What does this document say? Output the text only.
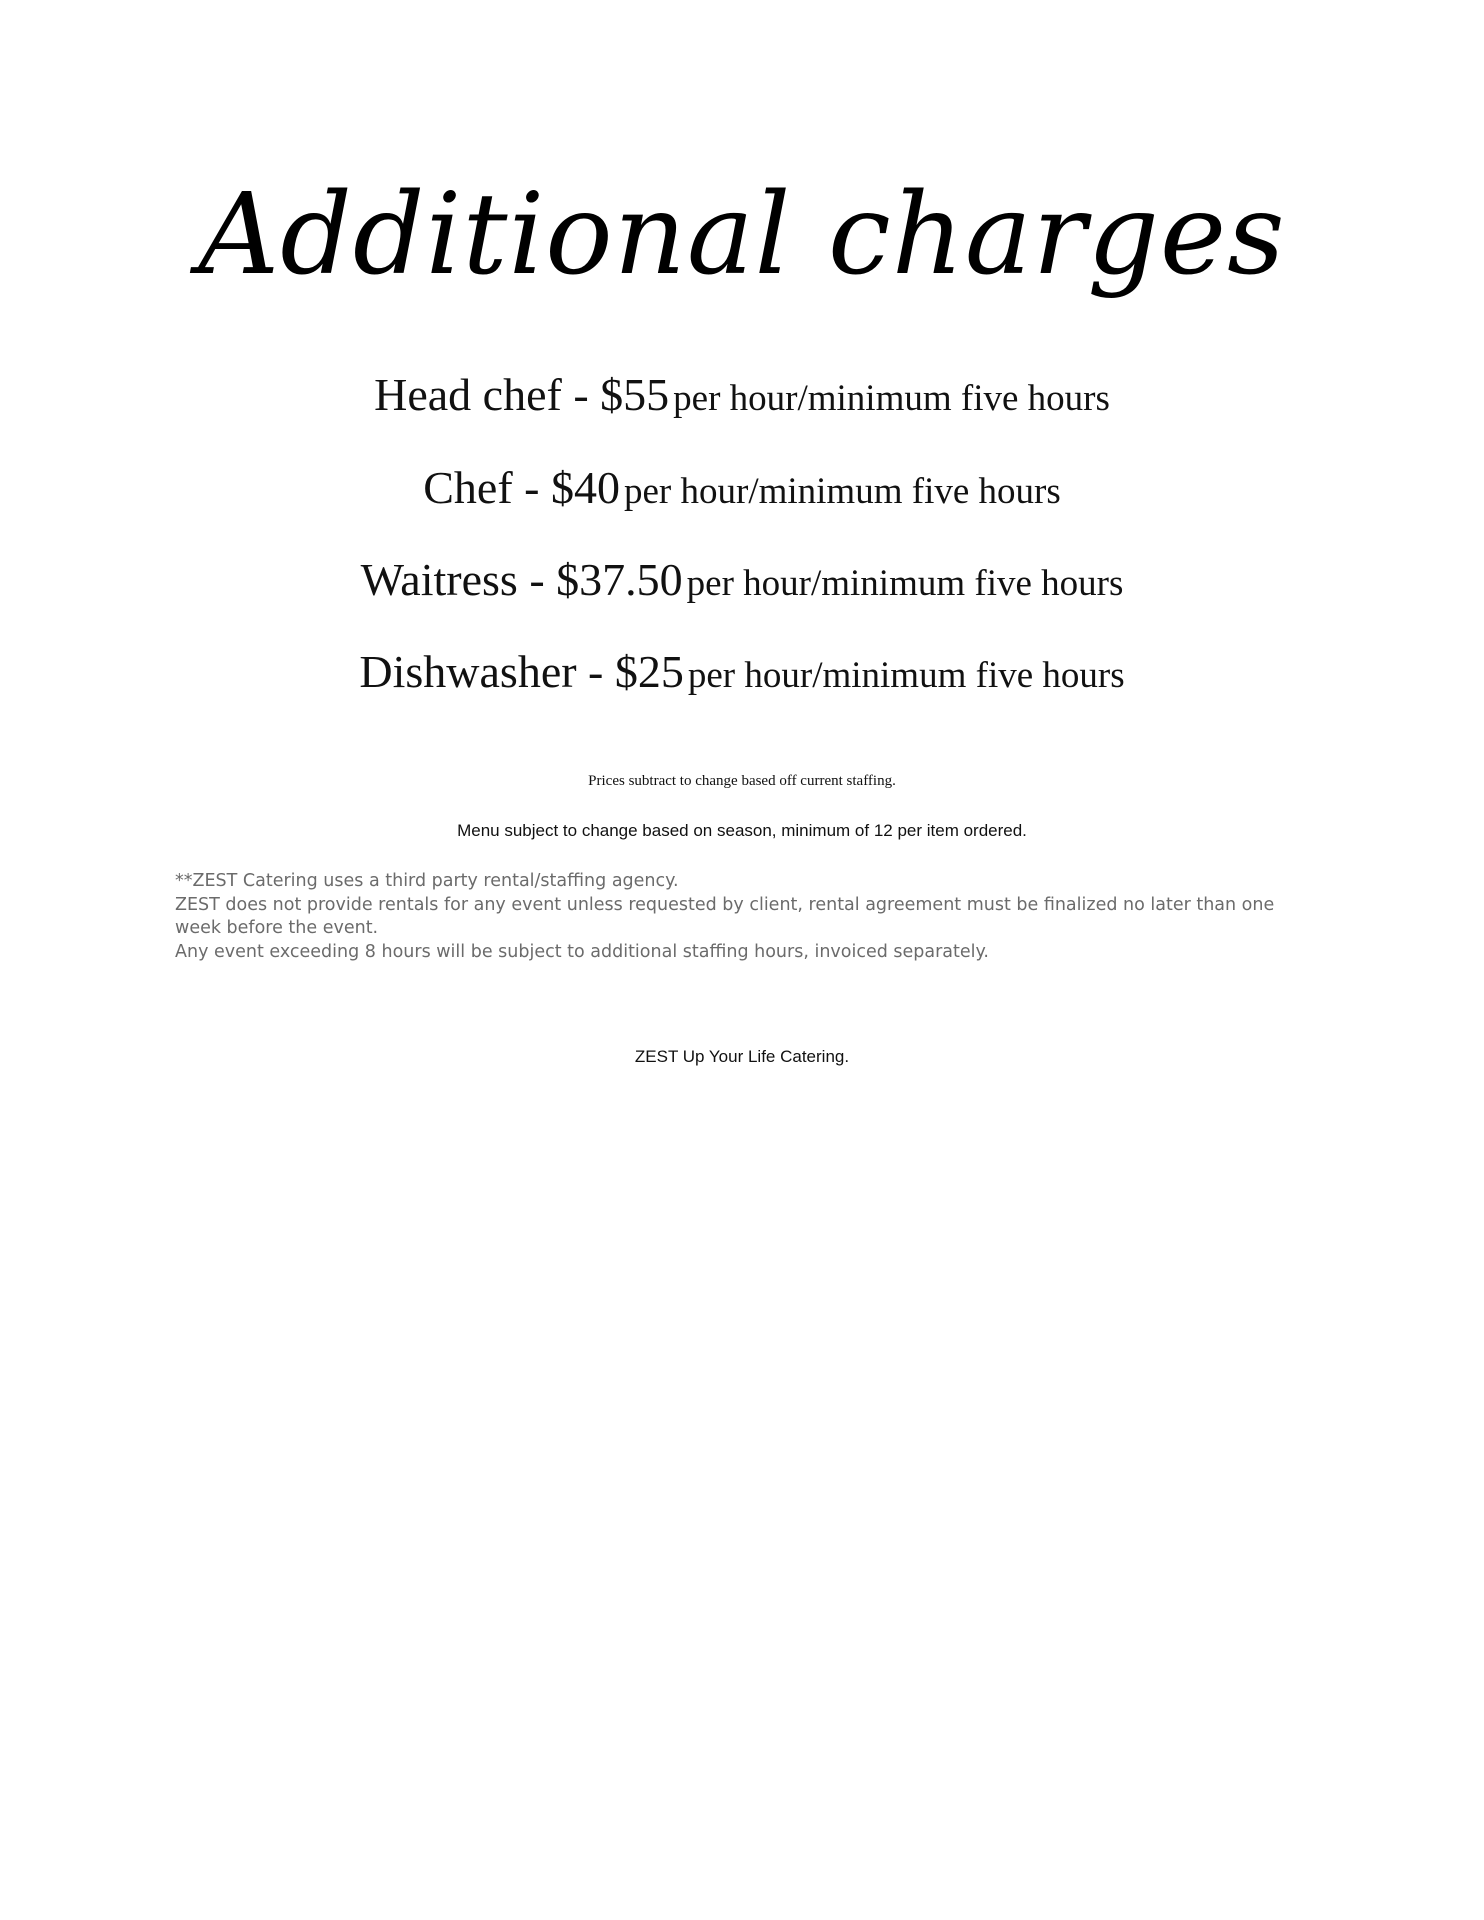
Additional charges
Head chef - $55 per hour/minimum five hours
Chef - $40 per hour/minimum five hours
Waitress - $37.50 per hour/minimum five hours
Dishwasher - $25 per hour/minimum five hours
Prices subtract to change based off current staffing.
Menu subject to change based on season, minimum of 12 per item ordered.

**ZEST Catering uses a third party rental/staffing agency.

ZEST does not provide rentals for any event unless requested by client, rental agreement must be finalized no later than one week before the event.

Any event exceeding 8 hours will be subject to additional staffing hours, invoiced separately.

ZEST Up Your Life Catering.
